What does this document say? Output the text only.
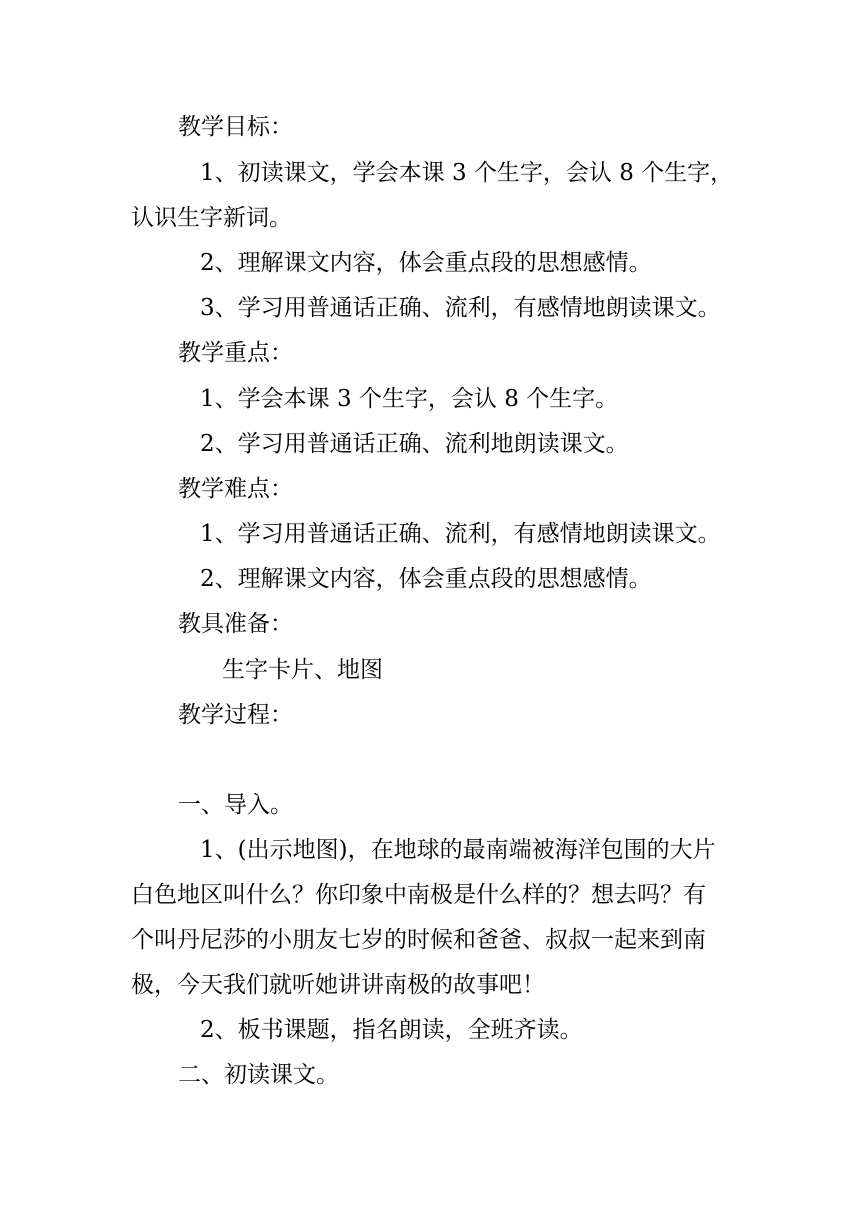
教学目标：
1、初读课文，学会本课 3 个生字，会认 8 个生字，
认识生字新词。
2、理解课文内容，体会重点段的思想感情。
3、学习用普通话正确、流利，有感情地朗读课文。
教学重点：
1、学会本课 3 个生字，会认 8 个生字。
2、学习用普通话正确、流利地朗读课文。
教学难点：
1、学习用普通话正确、流利，有感情地朗读课文。
2、理解课文内容，体会重点段的思想感情。
教具准备：
生字卡片、地图
教学过程：
一、导入。
1、(出示地图)，在地球的最南端被海洋包围的大片
白色地区叫什么？你印象中南极是什么样的？想去吗？有
个叫丹尼莎的小朋友七岁的时候和爸爸、叔叔一起来到南
极，今天我们就听她讲讲南极的故事吧！
2、板书课题，指名朗读，全班齐读。
二、初读课文。
